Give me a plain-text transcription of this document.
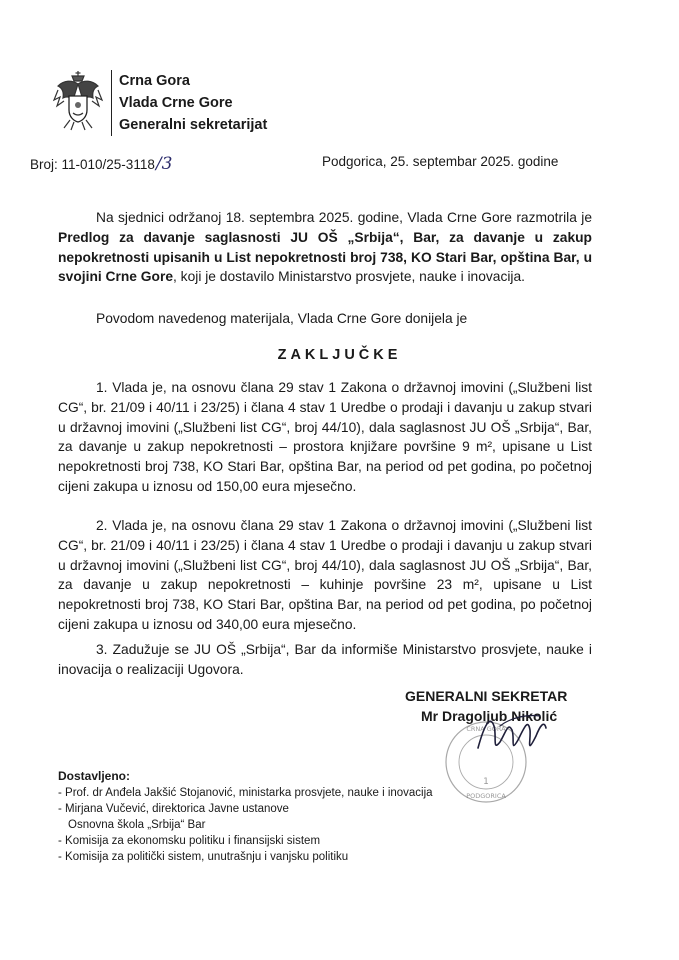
Crna Gora
Vlada Crne Gore
Generalni sekretarijat
Broj: 11-010/25-3118/3	Podgorica, 25. septembar 2025. godine
Na sjednici održanoj 18. septembra 2025. godine, Vlada Crne Gore razmotrila je Predlog za davanje saglasnosti JU OŠ „Srbija“, Bar, za davanje u zakup nepokretnosti upisanih u List nepokretnosti broj 738, KO Stari Bar, opština Bar, u svojini Crne Gore, koji je dostavilo Ministarstvo prosvjete, nauke i inovacija.
Povodom navedenog materijala, Vlada Crne Gore donijela je
ZAKLJUČKE
1. Vlada je, na osnovu člana 29 stav 1 Zakona o državnoj imovini („Službeni list CG“, br. 21/09 i 40/11 i 23/25) i člana 4 stav 1 Uredbe o prodaji i davanju u zakup stvari u državnoj imovini („Službeni list CG“, broj 44/10), dala saglasnost JU OŠ „Srbija“, Bar, za davanje u zakup nepokretnosti – prostora knjižare površine 9 m², upisane u List nepokretnosti broj 738, KO Stari Bar, opština Bar, na period od pet godina, po početnoj cijeni zakupa u iznosu od 150,00 eura mjesečno.
2. Vlada je, na osnovu člana 29 stav 1 Zakona o državnoj imovini („Službeni list CG“, br. 21/09 i 40/11 i 23/25) i člana 4 stav 1 Uredbe o prodaji i davanju u zakup stvari u državnoj imovini („Službeni list CG“, broj 44/10), dala saglasnost JU OŠ „Srbija“, Bar, za davanje u zakup nepokretnosti – kuhinje površine 23 m², upisane u List nepokretnosti broj 738, KO Stari Bar, opština Bar, na period od pet godina, po početnoj cijeni zakupa u iznosu od 340,00 eura mjesečno.
3. Zadužuje se JU OŠ „Srbija“, Bar da informiše Ministarstvo prosvjete, nauke i inovacija o realizaciji Ugovora.
CRNA GORA
1
PODGORICA
GENERALNI SEKRETAR
Mr Dragoljub Nikolić
Dostavljeno:
- Prof. dr Anđela Jakšić Stojanović, ministarka prosvjete, nauke i inovacija
- Mirjana Vučević, direktorica Javne ustanove
Osnovna škola „Srbija“ Bar
- Komisija za ekonomsku politiku i finansijski sistem
- Komisija za politički sistem, unutrašnju i vanjsku politiku
